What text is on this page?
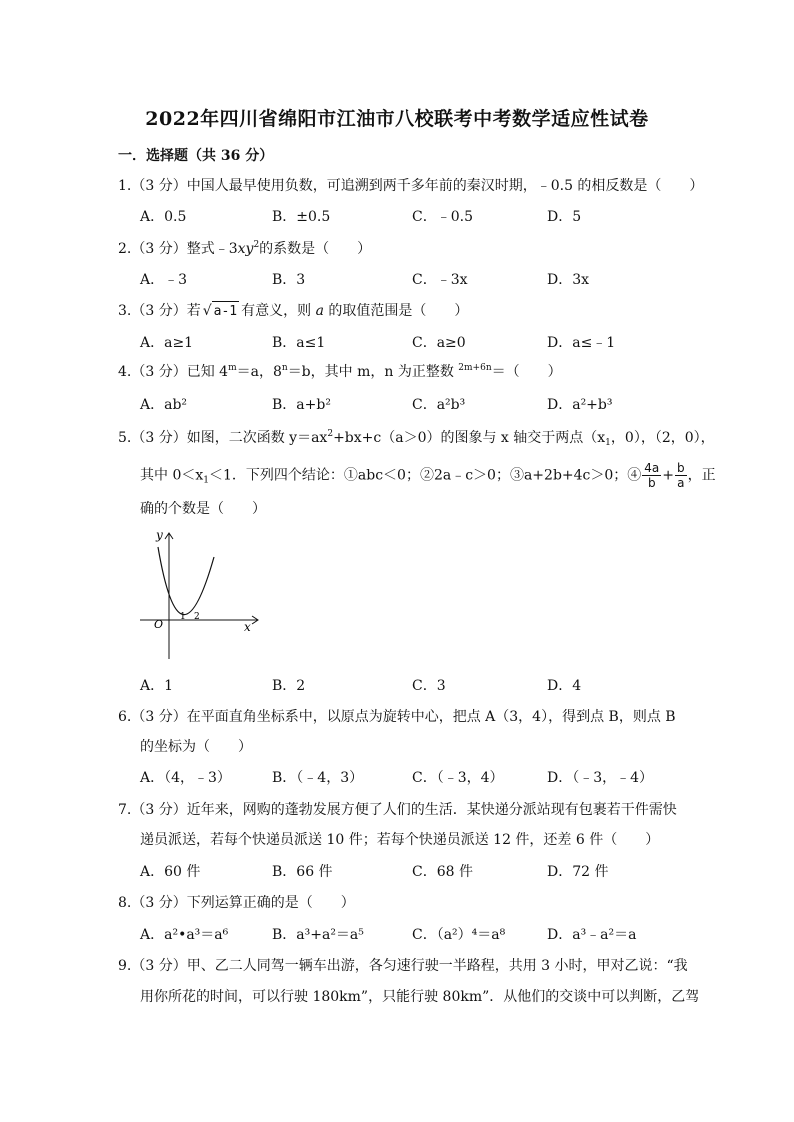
2022年四川省绵阳市江油市八校联考中考数学适应性试卷
一．选择题（共 36 分）
1.（3 分）中国人最早使用负数，可追溯到两千多年前的秦汉时期，﹣0.5 的相反数是（　　）
A．0.5	B．±0.5	C．﹣0.5	D．5
2.（3 分）整式$﹣3xy^2$的系数是（　　）
A．﹣3	B．3	C．﹣3x	D．3x
3.（3 分）若 √ a-1 有意义，则 a 的取值范围是（　　）
A．a≥1	B．a≤1	C．a≥0	D．a≤﹣1
4.（3 分）已知 $4^m=a$，$8^n=b$，其中 m，n 为正整数 $^{2m+6n}$＝（　　）
A．ab²	B．a+b²	C．a²b³	D．a²+b³
5.（3 分）如图，二次函数 $y=ax^2+bx+c(a>0)$的图象与 x 轴交于两点（$x_1$，0），（2，0），
其中 $0<x_1<1$．下列四个结论：①abc＜0；②2a﹣c＞0；③a+2b+4c＞0；④ $\frac{4a}{b} + \frac{b}{a}$ ，正
确的个数是（　　）
y
x
O
1 2
A．1	B．2	C．3	D．4
6.（3 分）在平面直角坐标系中，以原点为旋转中心，把点 A（3，4），得到点 B，则点 B
的坐标为（　　）
A．（4，﹣3）	B．（﹣4，3）	C．（﹣3，4）	D．（﹣3，﹣4）
7.（3 分）近年来，网购的蓬勃发展方便了人们的生活．某快递分派站现有包裹若干件需快
递员派送，若每个快递员派送 10 件；若每个快递员派送 12 件，还差 6 件（　　）
A．60 件	B．66 件	C．68 件	D．72 件
8.（3 分）下列运算正确的是（　　）
A．a²•a³＝a⁶	B．a³+a²＝a⁵	C．（a²）⁴＝a⁸	D．a³﹣a²＝a
9.（3 分）甲、乙二人同驾一辆车出游，各匀速行驶一半路程，共用 3 小时，甲对乙说：“我
用你所花的时间，可以行驶 180km”，只能行驶 80km”．从他们的交谈中可以判断，乙驾
